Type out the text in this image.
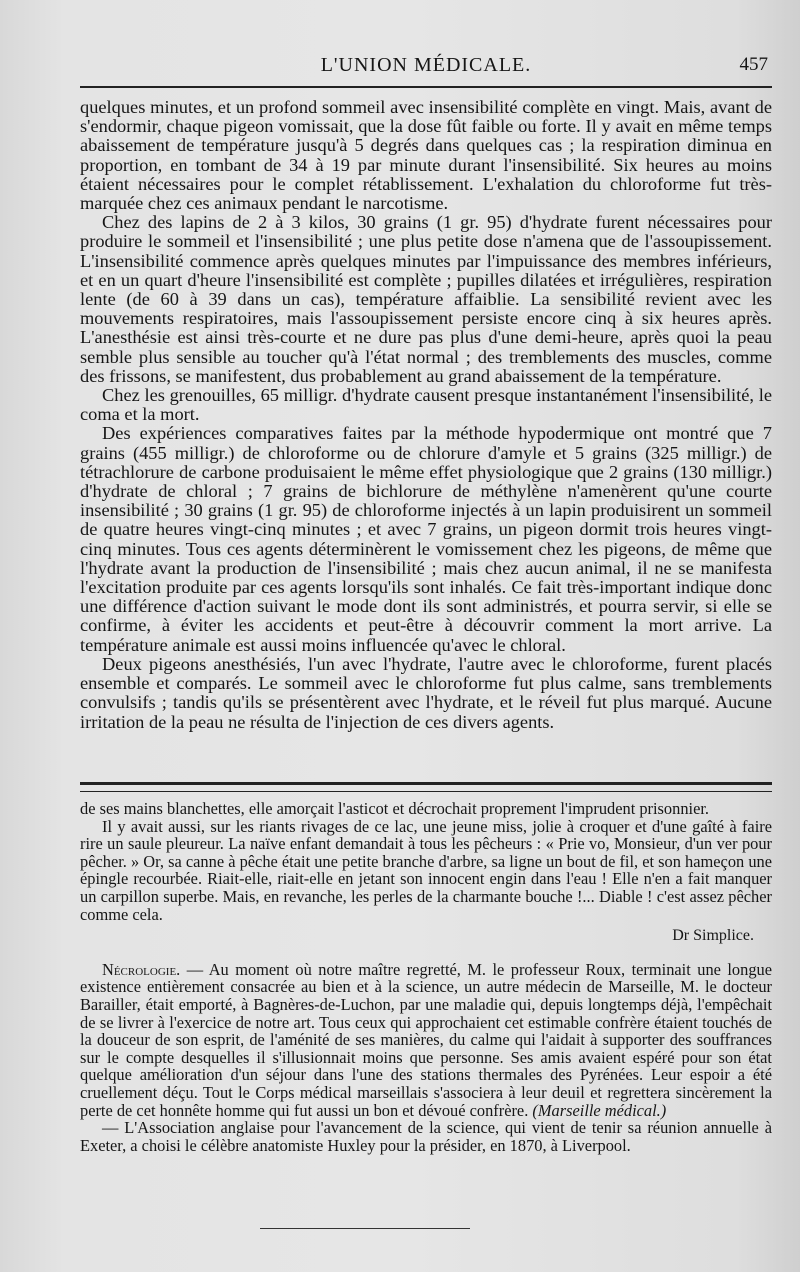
L'UNION MÉDICALE.	457

quelques minutes, et un profond sommeil avec insensibilité complète en vingt. Mais, avant de s'endormir, chaque pigeon vomissait, que la dose fût faible ou forte. Il y avait en même temps abaissement de température jusqu'à 5 degrés dans quelques cas ; la respiration diminua en proportion, en tombant de 34 à 19 par minute durant l'insensibilité. Six heures au moins étaient nécessaires pour le complet rétablissement. L'exhalation du chloroforme fut très-marquée chez ces animaux pendant le narcotisme.

Chez des lapins de 2 à 3 kilos, 30 grains (1 gr. 95) d'hydrate furent nécessaires pour produire le sommeil et l'insensibilité ; une plus petite dose n'amena que de l'assoupissement. L'insensibilité commence après quelques minutes par l'impuissance des membres inférieurs, et en un quart d'heure l'insensibilité est complète ; pupilles dilatées et irrégulières, respiration lente (de 60 à 39 dans un cas), température affaiblie. La sensibilité revient avec les mouvements respiratoires, mais l'assoupissement persiste encore cinq à six heures après. L'anesthésie est ainsi très-courte et ne dure pas plus d'une demi-heure, après quoi la peau semble plus sensible au toucher qu'à l'état normal ; des tremblements des muscles, comme des frissons, se manifestent, dus probablement au grand abaissement de la température.

Chez les grenouilles, 65 milligr. d'hydrate causent presque instantanément l'insensibilité, le coma et la mort.

Des expériences comparatives faites par la méthode hypodermique ont montré que 7 grains (455 milligr.) de chloroforme ou de chlorure d'amyle et 5 grains (325 milligr.) de tétrachlorure de carbone produisaient le même effet physiologique que 2 grains (130 milligr.) d'hydrate de chloral ; 7 grains de bichlorure de méthylène n'amenèrent qu'une courte insensibilité ; 30 grains (1 gr. 95) de chloroforme injectés à un lapin produisirent un sommeil de quatre heures vingt-cinq minutes ; et avec 7 grains, un pigeon dormit trois heures vingt-cinq minutes. Tous ces agents déterminèrent le vomissement chez les pigeons, de même que l'hydrate avant la production de l'insensibilité ; mais chez aucun animal, il ne se manifesta l'excitation produite par ces agents lorsqu'ils sont inhalés. Ce fait très-important indique donc une différence d'action suivant le mode dont ils sont administrés, et pourra servir, si elle se confirme, à éviter les accidents et peut-être à découvrir comment la mort arrive. La température animale est aussi moins influencée qu'avec le chloral.

Deux pigeons anesthésiés, l'un avec l'hydrate, l'autre avec le chloroforme, furent placés ensemble et comparés. Le sommeil avec le chloroforme fut plus calme, sans tremblements convulsifs ; tandis qu'ils se présentèrent avec l'hydrate, et le réveil fut plus marqué. Aucune irritation de la peau ne résulta de l'injection de ces divers agents.

de ses mains blanchettes, elle amorçait l'asticot et décrochait proprement l'imprudent prisonnier.

Il y avait aussi, sur les riants rivages de ce lac, une jeune miss, jolie à croquer et d'une gaîté à faire rire un saule pleureur. La naïve enfant demandait à tous les pêcheurs : « Prie vo, Monsieur, d'un ver pour pêcher. » Or, sa canne à pêche était une petite branche d'arbre, sa ligne un bout de fil, et son hameçon une épingle recourbée. Riait-elle, riait-elle en jetant son innocent engin dans l'eau ! Elle n'en a fait manquer un carpillon superbe. Mais, en revanche, les perles de la charmante bouche !... Diable ! c'est assez pêcher comme cela.

Dr Simplice.

Nécrologie. — Au moment où notre maître regretté, M. le professeur Roux, terminait une longue existence entièrement consacrée au bien et à la science, un autre médecin de Marseille, M. le docteur Barailler, était emporté, à Bagnères-de-Luchon, par une maladie qui, depuis longtemps déjà, l'empêchait de se livrer à l'exercice de notre art. Tous ceux qui approchaient cet estimable confrère étaient touchés de la douceur de son esprit, de l'aménité de ses manières, du calme qui l'aidait à supporter des souffrances sur le compte desquelles il s'illusionnait moins que personne. Ses amis avaient espéré pour son état quelque amélioration d'un séjour dans l'une des stations thermales des Pyrénées. Leur espoir a été cruellement déçu. Tout le Corps médical marseillais s'associera à leur deuil et regrettera sincèrement la perte de cet honnête homme qui fut aussi un bon et dévoué confrère. (Marseille médical.)

— L'Association anglaise pour l'avancement de la science, qui vient de tenir sa réunion annuelle à Exeter, a choisi le célèbre anatomiste Huxley pour la présider, en 1870, à Liverpool.
